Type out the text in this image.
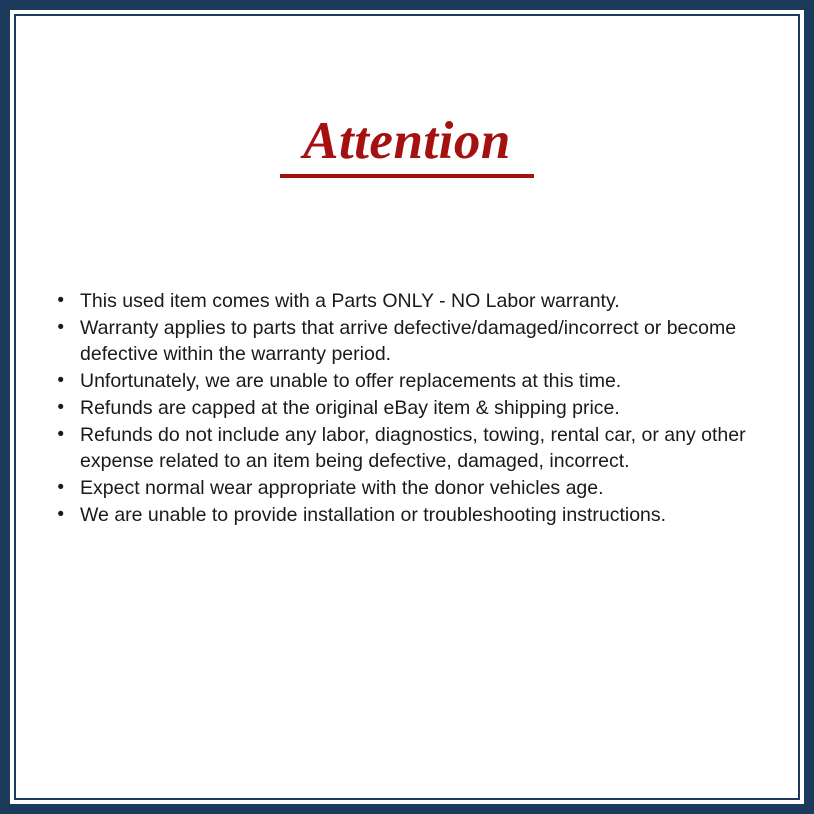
Attention
• This used item comes with a Parts ONLY - NO Labor warranty.
• Warranty applies to parts that arrive defective/damaged/incorrect or become defective within the warranty period.
• Unfortunately, we are unable to offer replacements at this time.
• Refunds are capped at the original eBay item & shipping price.
• Refunds do not include any labor, diagnostics, towing, rental car, or any other expense related to an item being defective, damaged, incorrect.
• Expect normal wear appropriate with the donor vehicles age.
• We are unable to provide installation or troubleshooting instructions.
